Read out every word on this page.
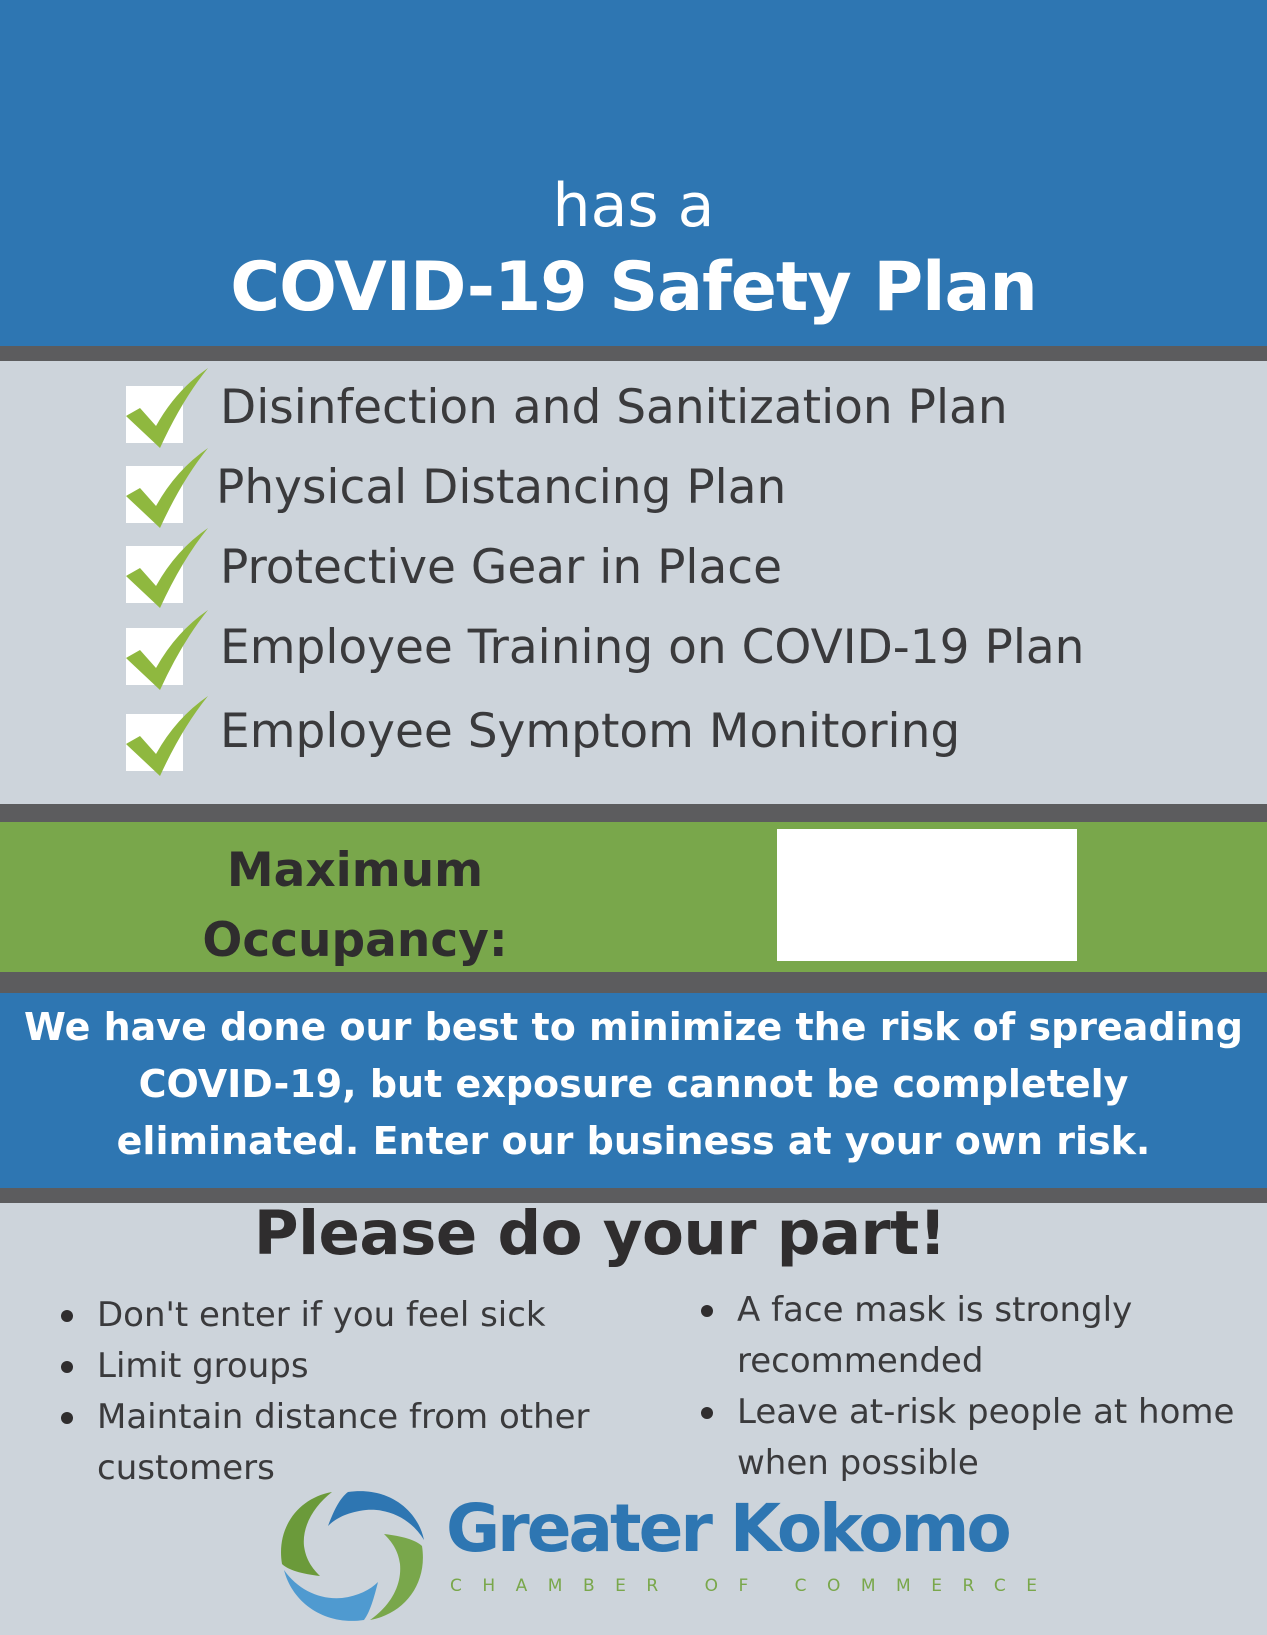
has a
COVID-19 Safety Plan
Disinfection and Sanitization Plan
Physical Distancing Plan
Protective Gear in Place
Employee Training on COVID-19 Plan
Employee Symptom Monitoring
Maximum
Occupancy:
We have done our best to minimize the risk of spreading COVID-19, but exposure cannot be completely eliminated. Enter our business at your own risk.
Please do your part!
Don't enter if you feel sick
Limit groups
Maintain distance from other customers
A face mask is strongly recommended
Leave at-risk people at home when possible
Greater Kokomo
CHAMBER OF COMMERCE
